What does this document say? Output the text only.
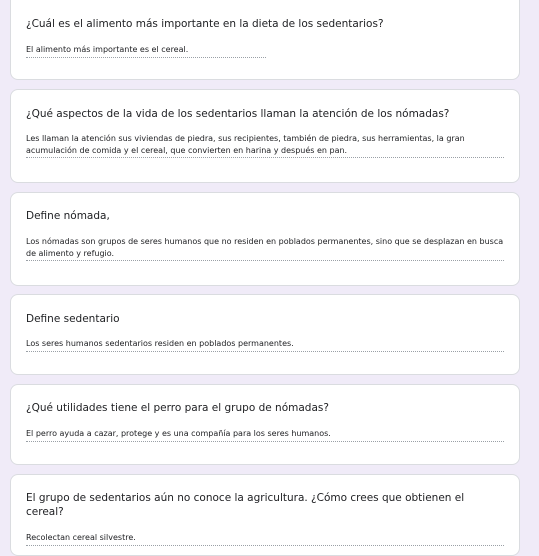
¿Cuál es el alimento más importante en la dieta de los sedentarios?
El alimento más importante es el cereal.
¿Qué aspectos de la vida de los sedentarios llaman la atención de los nómadas?
Les llaman la atención sus viviendas de piedra, sus recipientes, también de piedra, sus herramientas, la gran acumulación de comida y el cereal, que convierten en harina y después en pan.
Define nómada,
Los nómadas son grupos de seres humanos que no residen en poblados permanentes, sino que se desplazan en busca de alimento y refugio.
Define sedentario
Los seres humanos sedentarios residen en poblados permanentes.
¿Qué utilidades tiene el perro para el grupo de nómadas?
El perro ayuda a cazar, protege y es una compañía para los seres humanos.
El grupo de sedentarios aún no conoce la agricultura. ¿Cómo crees que obtienen el cereal?
Recolectan cereal silvestre.
